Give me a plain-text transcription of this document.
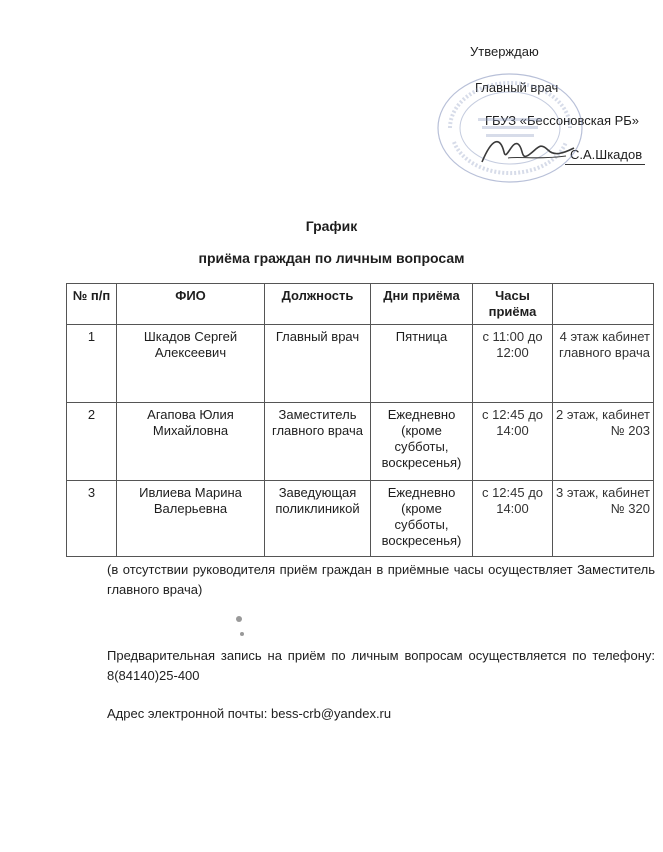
Утверждаю
Главный врач
ГБУЗ «Бессоновская РБ»
С.А.Шкадов
График
приёма граждан по личным вопросам
№ п/п	ФИО	Должность	Дни приёма	Часы приёма	
1	Шкадов Сергей Алексеевич	Главный врач	Пятница	с 11:00 до 12:00	4 этаж кабинет главного врача
2	Агапова Юлия Михайловна	Заместитель главного врача	Ежедневно (кроме субботы, воскресенья)	с 12:45 до 14:00	2 этаж, кабинет № 203
3	Ивлиева Марина Валерьевна	Заведующая поликлиникой	Ежедневно (кроме субботы, воскресенья)	с 12:45 до 14:00	3 этаж, кабинет № 320
(в отсутствии руководителя приём граждан в приёмные часы осуществляет Заместитель главного врача)
Предварительная запись на приём по личным вопросам осуществляется по телефону: 8(84140)25-400
Адрес электронной почты: bess-crb@yandex.ru
